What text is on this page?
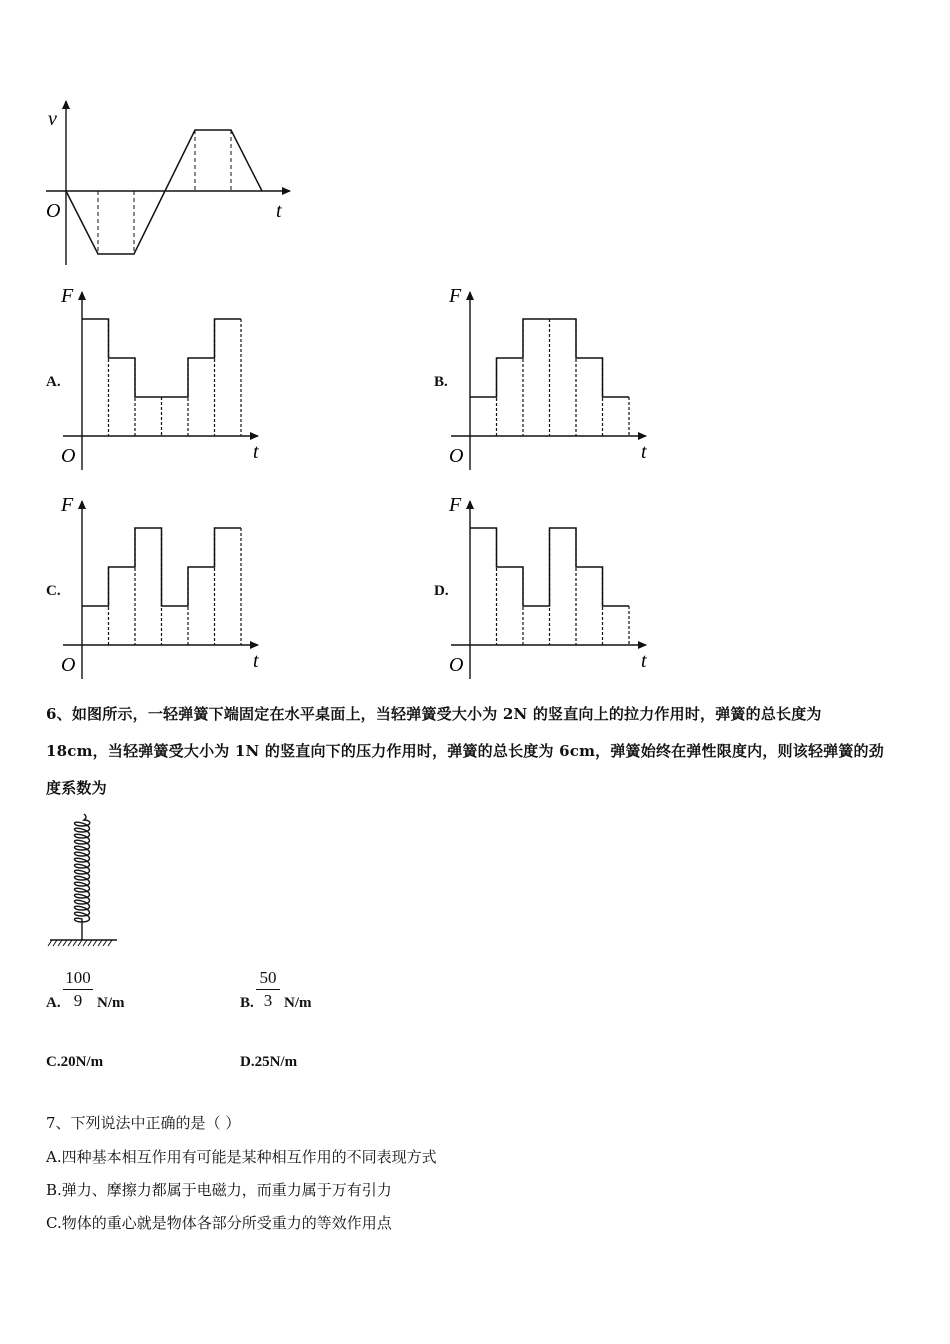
v
t
O
A.
F
t
O
B.
F
t
O
C.
F
t
O
D.
F
t
O
6、如图所示，一轻弹簧下端固定在水平桌面上，当轻弹簧受大小为 2N 的竖直向上的拉力作用时，弹簧的总长度为
18cm，当轻弹簧受大小为 1N 的竖直向下的压力作用时，弹簧的总长度为 6cm，弹簧始终在弹性限度内，则该轻弹簧的劲
度系数为
A. $\frac{100}{9} N/m$	B. $\frac{50}{3} N/m$
C.20N/m	D.25N/m
7、下列说法中正确的是（ ）
A.四种基本相互作用有可能是某种相互作用的不同表现方式
B.弹力、摩擦力都属于电磁力，而重力属于万有引力
C.物体的重心就是物体各部分所受重力的等效作用点
